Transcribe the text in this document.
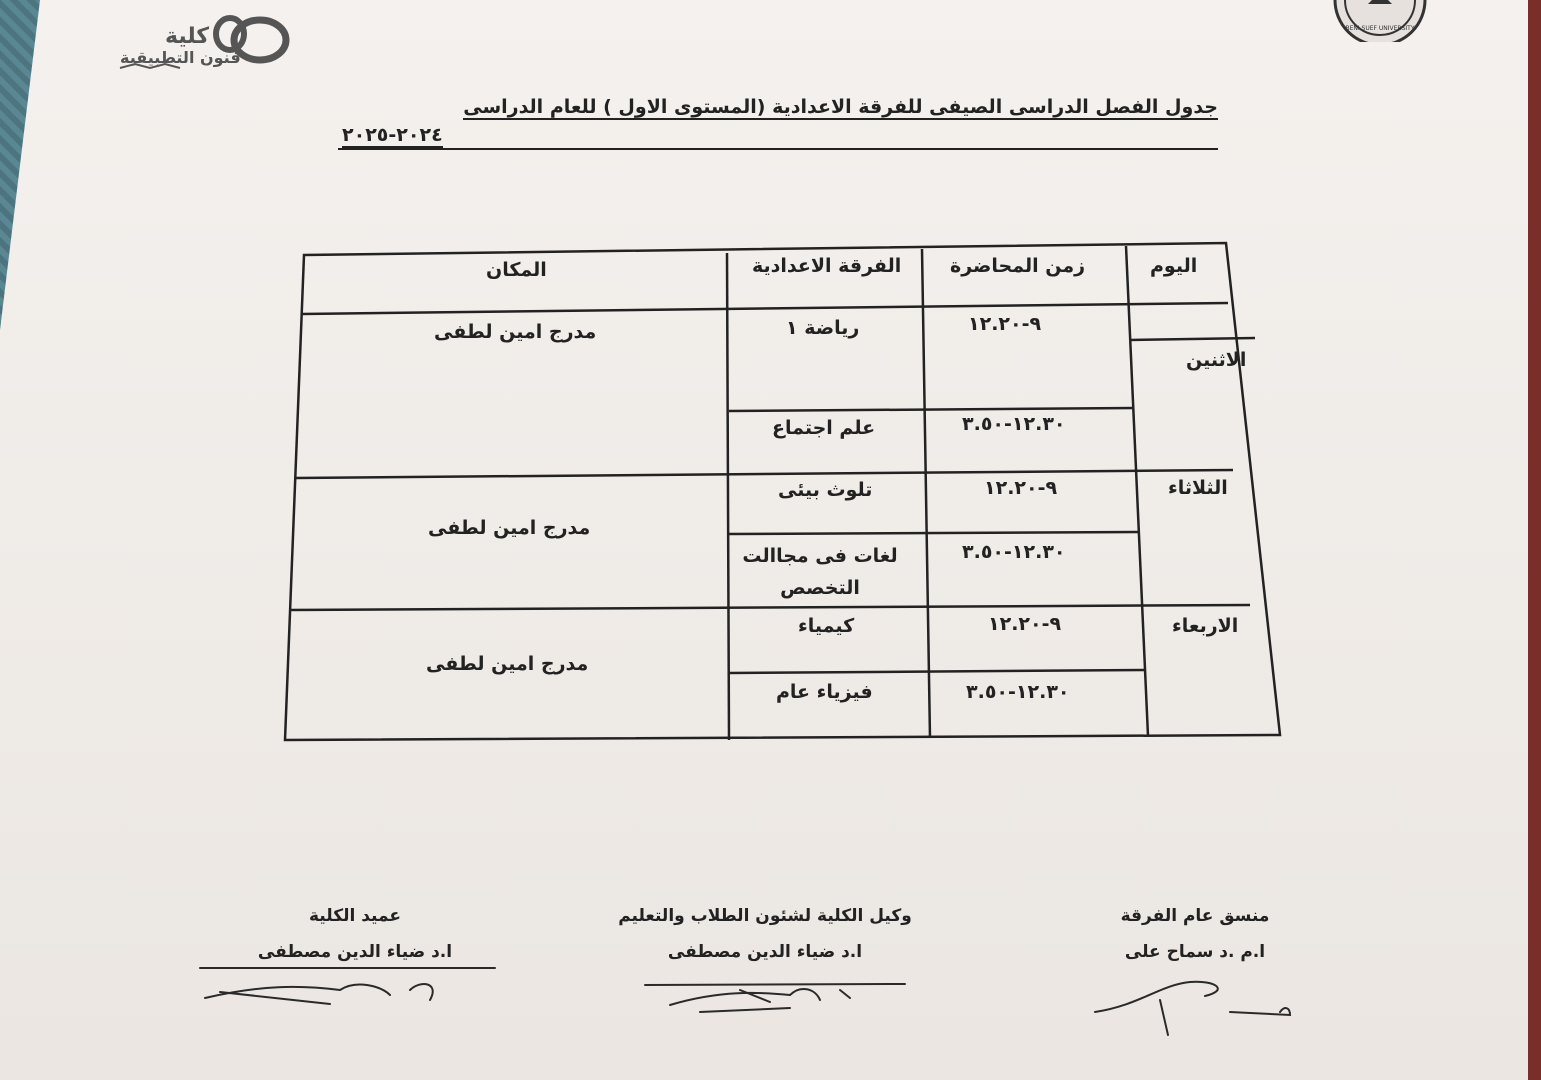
كلية
فنون التطبيقية
BENI SUEF UNIVERSITY
جدول الفصل الدراسى الصيفى للفرقة الاعدادية (المستوى الاول ) للعام الدراسى
٢٠٢٤-٢٠٢٥
اليوم
زمن المحاضرة
الفرقة الاعدادية
المكان
الاثنين
٩-١٢.٢٠
رياضة ١
١٢.٣٠-٣.٥٠
علم اجتماع
مدرج امين لطفى
الثلاثاء
٩-١٢.٢٠
تلوث بيئى
١٢.٣٠-٣.٥٠
لغات فى مجاالت التخصص
مدرج امين لطفى
الاربعاء
٩-١٢.٢٠
كيمياء
١٢.٣٠-٣.٥٠
فيزياء عام
مدرج امين لطفى
منسق عام الفرقة
ا.م .د سماح على
وكيل الكلية لشئون الطلاب والتعليم
ا.د ضياء الدين مصطفى
عميد الكلية
ا.د ضياء الدين مصطفى
